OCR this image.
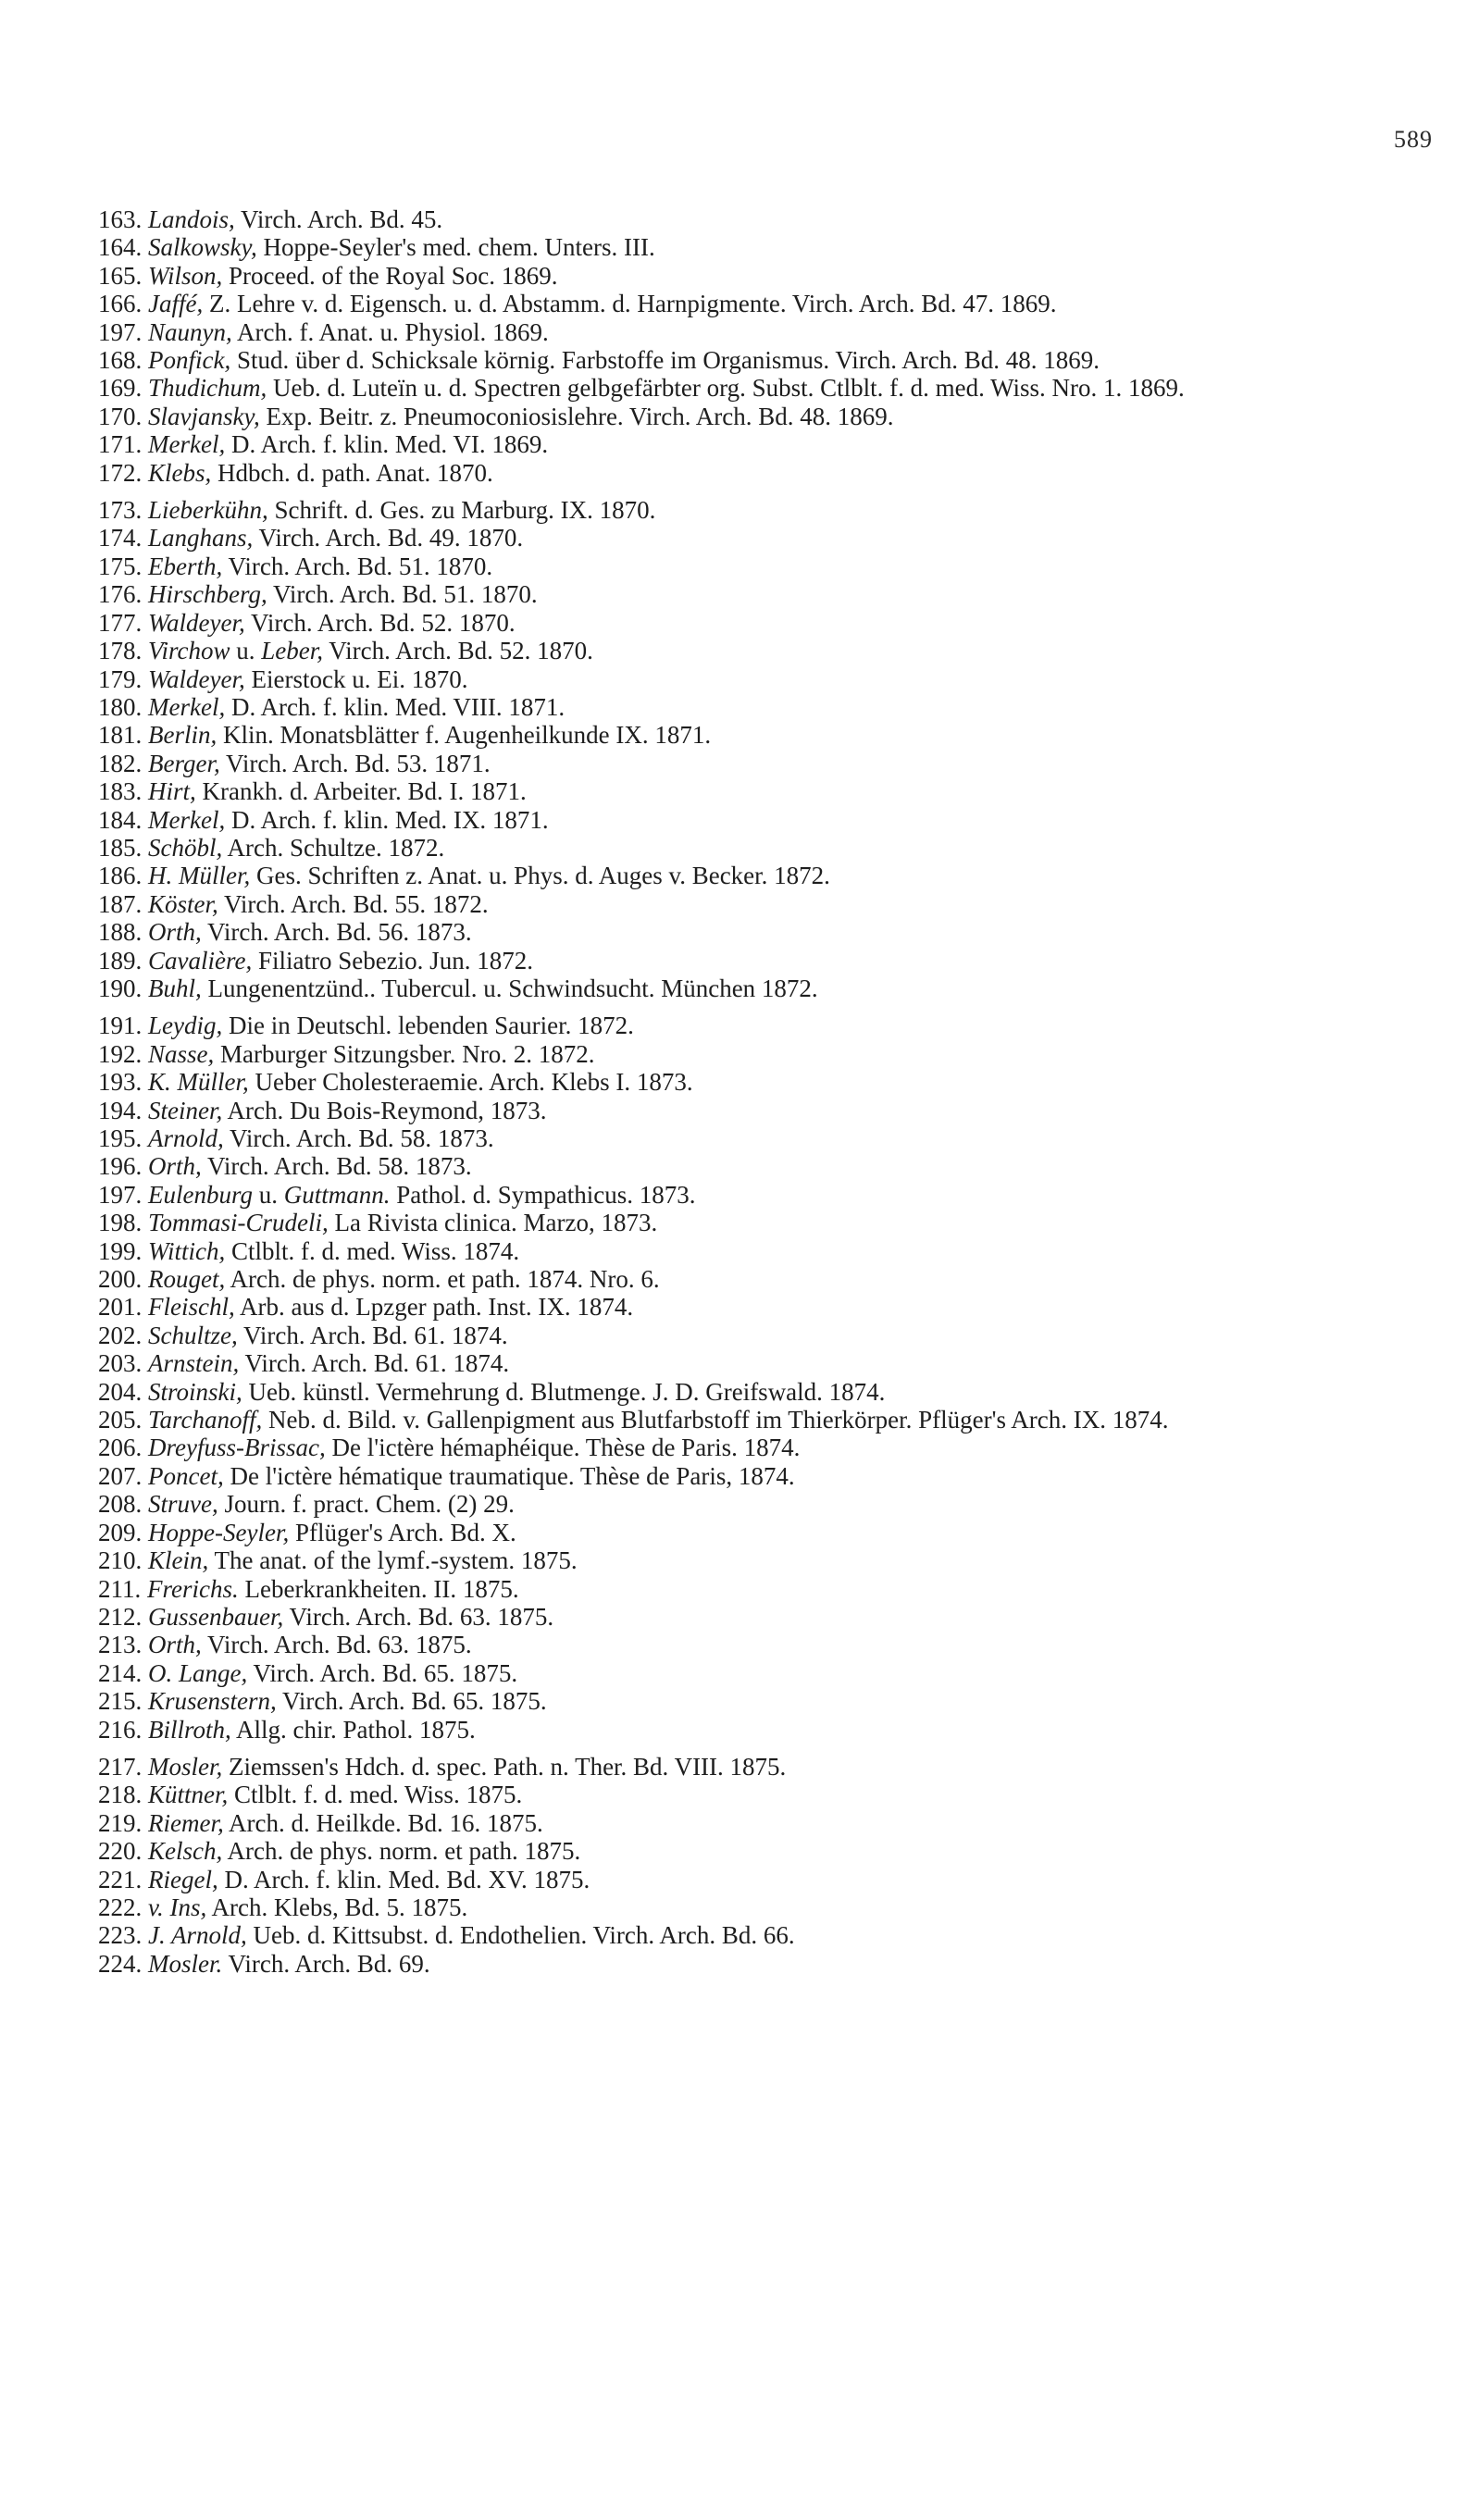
589
163. Landois, Virch. Arch. Bd. 45.
164. Salkowsky, Hoppe-Seyler's med. chem. Unters. III.
165. Wilson, Proceed. of the Royal Soc. 1869.
166. Jaffé, Z. Lehre v. d. Eigensch. u. d. Abstamm. d. Harnpigmente. Virch. Arch. Bd. 47. 1869.
197. Naunyn, Arch. f. Anat. u. Physiol. 1869.
168. Ponfick, Stud. über d. Schicksale körnig. Farbstoffe im Organismus. Virch. Arch. Bd. 48. 1869.
169. Thudichum, Ueb. d. Luteïn u. d. Spectren gelbgefärbter org. Subst. Ctlblt. f. d. med. Wiss. Nro. 1. 1869.
170. Slavjansky, Exp. Beitr. z. Pneumoconiosislehre. Virch. Arch. Bd. 48. 1869.
171. Merkel, D. Arch. f. klin. Med. VI. 1869.
172. Klebs, Hdbch. d. path. Anat. 1870.
173. Lieberkühn, Schrift. d. Ges. zu Marburg. IX. 1870.
174. Langhans, Virch. Arch. Bd. 49. 1870.
175. Eberth, Virch. Arch. Bd. 51. 1870.
176. Hirschberg, Virch. Arch. Bd. 51. 1870.
177. Waldeyer, Virch. Arch. Bd. 52. 1870.
178. Virchow u. Leber, Virch. Arch. Bd. 52. 1870.
179. Waldeyer, Eierstock u. Ei. 1870.
180. Merkel, D. Arch. f. klin. Med. VIII. 1871.
181. Berlin, Klin. Monatsblätter f. Augenheilkunde IX. 1871.
182. Berger, Virch. Arch. Bd. 53. 1871.
183. Hirt, Krankh. d. Arbeiter. Bd. I. 1871.
184. Merkel, D. Arch. f. klin. Med. IX. 1871.
185. Schöbl, Arch. Schultze. 1872.
186. H. Müller, Ges. Schriften z. Anat. u. Phys. d. Auges v. Becker. 1872.
187. Köster, Virch. Arch. Bd. 55. 1872.
188. Orth, Virch. Arch. Bd. 56. 1873.
189. Cavalière, Filiatro Sebezio. Jun. 1872.
190. Buhl, Lungenentzünd.. Tubercul. u. Schwindsucht. München 1872.
191. Leydig, Die in Deutschl. lebenden Saurier. 1872.
192. Nasse, Marburger Sitzungsber. Nro. 2. 1872.
193. K. Müller, Ueber Cholesteraemie. Arch. Klebs I. 1873.
194. Steiner, Arch. Du Bois-Reymond, 1873.
195. Arnold, Virch. Arch. Bd. 58. 1873.
196. Orth, Virch. Arch. Bd. 58. 1873.
197. Eulenburg u. Guttmann. Pathol. d. Sympathicus. 1873.
198. Tommasi-Crudeli, La Rivista clinica. Marzo, 1873.
199. Wittich, Ctlblt. f. d. med. Wiss. 1874.
200. Rouget, Arch. de phys. norm. et path. 1874. Nro. 6.
201. Fleischl, Arb. aus d. Lpzger path. Inst. IX. 1874.
202. Schultze, Virch. Arch. Bd. 61. 1874.
203. Arnstein, Virch. Arch. Bd. 61. 1874.
204. Stroinski, Ueb. künstl. Vermehrung d. Blutmenge. J. D. Greifswald. 1874.
205. Tarchanoff, Neb. d. Bild. v. Gallenpigment aus Blutfarbstoff im Thierkörper. Pflüger's Arch. IX. 1874.
206. Dreyfuss-Brissac, De l'ictère hémaphéique. Thèse de Paris. 1874.
207. Poncet, De l'ictère hématique traumatique. Thèse de Paris, 1874.
208. Struve, Journ. f. pract. Chem. (2) 29.
209. Hoppe-Seyler, Pflüger's Arch. Bd. X.
210. Klein, The anat. of the lymf.-system. 1875.
211. Frerichs. Leberkrankheiten. II. 1875.
212. Gussenbauer, Virch. Arch. Bd. 63. 1875.
213. Orth, Virch. Arch. Bd. 63. 1875.
214. O. Lange, Virch. Arch. Bd. 65. 1875.
215. Krusenstern, Virch. Arch. Bd. 65. 1875.
216. Billroth, Allg. chir. Pathol. 1875.
217. Mosler, Ziemssen's Hdch. d. spec. Path. n. Ther. Bd. VIII. 1875.
218. Küttner, Ctlblt. f. d. med. Wiss. 1875.
219. Riemer, Arch. d. Heilkde. Bd. 16. 1875.
220. Kelsch, Arch. de phys. norm. et path. 1875.
221. Riegel, D. Arch. f. klin. Med. Bd. XV. 1875.
222. v. Ins, Arch. Klebs, Bd. 5. 1875.
223. J. Arnold, Ueb. d. Kittsubst. d. Endothelien. Virch. Arch. Bd. 66.
224. Mosler. Virch. Arch. Bd. 69.
